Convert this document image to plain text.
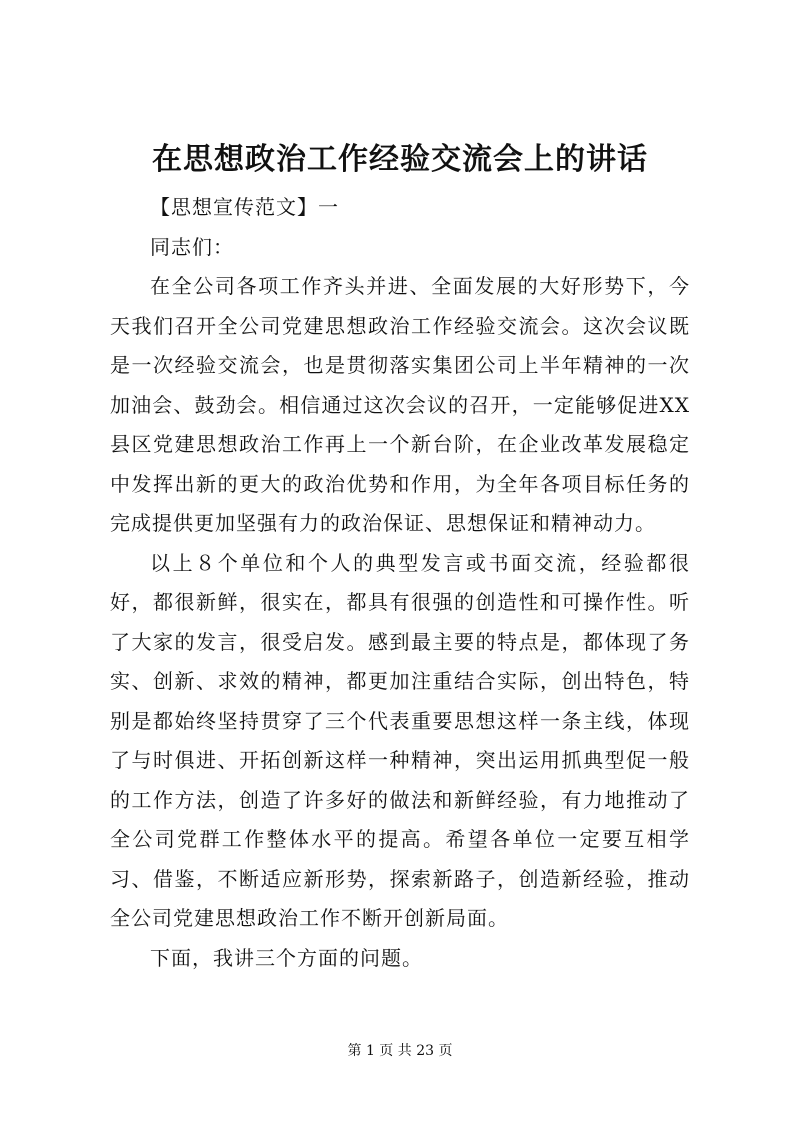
在思想政治工作经验交流会上的讲话

【思想宣传范文】一

同志们：

在全公司各项工作齐头并进、全面发展的大好形势下，今天我们召开全公司党建思想政治工作经验交流会。这次会议既是一次经验交流会，也是贯彻落实集团公司上半年精神的一次加油会、鼓劲会。相信通过这次会议的召开，一定能够促进XX县区党建思想政治工作再上一个新台阶，在企业改革发展稳定中发挥出新的更大的政治优势和作用，为全年各项目标任务的完成提供更加坚强有力的政治保证、思想保证和精神动力。

以上８个单位和个人的典型发言或书面交流，经验都很好，都很新鲜，很实在，都具有很强的创造性和可操作性。听了大家的发言，很受启发。感到最主要的特点是，都体现了务实、创新、求效的精神，都更加注重结合实际，创出特色，特别是都始终坚持贯穿了三个代表重要思想这样一条主线，体现了与时俱进、开拓创新这样一种精神，突出运用抓典型促一般的工作方法，创造了许多好的做法和新鲜经验，有力地推动了全公司党群工作整体水平的提高。希望各单位一定要互相学习、借鉴，不断适应新形势，探索新路子，创造新经验，推动全公司党建思想政治工作不断开创新局面。

下面，我讲三个方面的问题。

第 1 页 共 23 页
